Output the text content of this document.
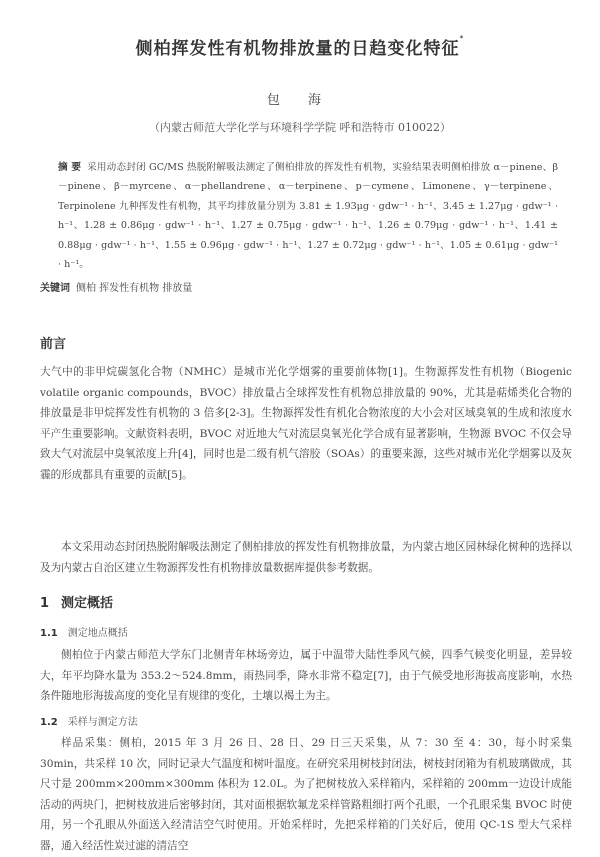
侧柏挥发性有机物排放量的日趋变化特征*
包 海
（内蒙古师范大学化学与环境科学学院 呼和浩特市 010022）
摘 要 采用动态封闭 GC/MS 热脱附解吸法测定了侧柏排放的挥发性有机物，实验结果表明侧柏排放 α－pinene、β－pinene、β－myrcene、α－phellandrene、α－terpinene、p－cymene、Limonene、γ－terpinene、Terpinolene 九种挥发性有机物，其平均排放量分别为 3.81 ± 1.93μg · gdw⁻¹ · h⁻¹、3.45 ± 1.27μg · gdw⁻¹ · h⁻¹、1.28 ± 0.86μg · gdw⁻¹ · h⁻¹、1.27 ± 0.75μg · gdw⁻¹ · h⁻¹、1.26 ± 0.79μg · gdw⁻¹ · h⁻¹、1.41 ± 0.88μg · gdw⁻¹ · h⁻¹、1.55 ± 0.96μg · gdw⁻¹ · h⁻¹、1.27 ± 0.72μg · gdw⁻¹ · h⁻¹、1.05 ± 0.61μg · gdw⁻¹ · h⁻¹。
关键词 侧柏 挥发性有机物 排放量
前言
大气中的非甲烷碳氢化合物（NMHC）是城市光化学烟雾的重要前体物[1]。生物源挥发性有机物（Biogenic volatile organic compounds，BVOC）排放量占全球挥发性有机物总排放量的 90%，尤其是萜烯类化合物的排放量是非甲烷挥发性有机物的 3 倍多[2-3]。生物源挥发性有机化合物浓度的大小会对区域臭氧的生成和浓度水平产生重要影响。文献资料表明，BVOC 对近地大气对流层臭氧光化学合成有显著影响，生物源 BVOC 不仅会导致大气对流层中臭氧浓度上升[4]，同时也是二级有机气溶胶（SOAs）的重要来源，这些对城市光化学烟雾以及灰霾的形成都具有重要的贡献[5]。
本文采用动态封闭热脱附解吸法测定了侧柏排放的挥发性有机物排放量，为内蒙古地区园林绿化树种的选择以及为内蒙古自治区建立生物源挥发性有机物排放量数据库提供参考数据。
1 测定概括
1.1 测定地点概括
侧柏位于内蒙古师范大学东门北侧青年林场旁边，属于中温带大陆性季风气候，四季气候变化明显，差异较大，年平均降水量为 353.2～524.8mm，雨热同季，降水非常不稳定[7]，由于气候受地形海拔高度影响，水热条件随地形海拔高度的变化呈有规律的变化，土壤以褐土为主。
1.2 采样与测定方法
样品采集：侧柏，2015 年 3 月 26 日、28 日、29 日三天采集，从 7：30 至 4：30，每小时采集 30min，共采样 10 次，同时记录大气温度和树叶温度。在研究采用树枝封闭法，树枝封闭箱为有机玻璃做成，其尺寸是 200mm×200mm×300mm 体积为 12.0L。为了把树枝放入采样箱内，采样箱的 200mm一边设计成能活动的两块门，把树枝放进后密够封闭，其对面根据软氟龙采样管路粗细打两个孔眼，一个孔眼采集 BVOC 时使用，另一个孔眼从外面送入经清洁空气时使用。开始采样时，先把采样箱的门关好后，使用 QC-1S 型大气采样器，通入经活性炭过滤的清洁空
